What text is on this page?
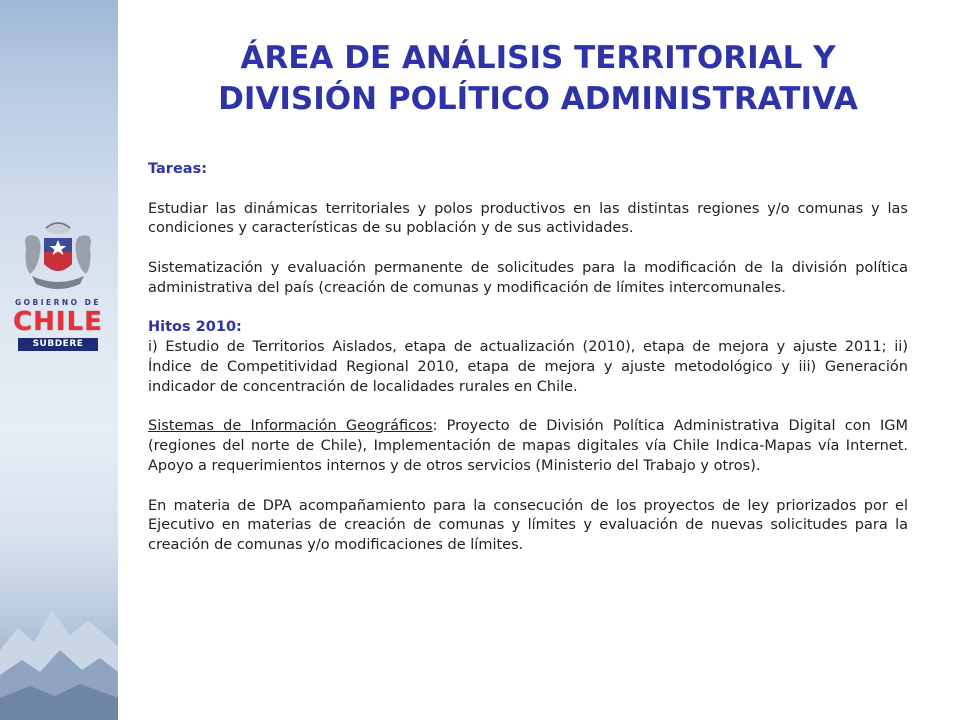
GOBIERNO DE
CHILE
SUBDERE
ÁREA DE ANÁLISIS TERRITORIAL Y
DIVISIÓN POLÍTICO ADMINISTRATIVA

Tareas:

Estudiar las dinámicas territoriales y polos productivos en las distintas regiones y/o comunas y las condiciones y características de su población y de sus actividades.

Sistematización y evaluación permanente de solicitudes para la modificación de la división política administrativa del país (creación de comunas y modificación de límites intercomunales.

Hitos 2010:

i) Estudio de Territorios Aislados, etapa de actualización (2010), etapa de mejora y ajuste 2011; ii) Índice de Competitividad Regional 2010, etapa de mejora y ajuste metodológico y iii) Generación indicador de concentración de localidades rurales en Chile.

Sistemas de Información Geográficos: Proyecto de División Política Administrativa Digital con IGM (regiones del norte de Chile), Implementación de mapas digitales vía Chile Indica-Mapas vía Internet. Apoyo a requerimientos internos y de otros servicios (Ministerio del Trabajo y otros).

En materia de DPA acompañamiento para la consecución de los proyectos de ley priorizados por el Ejecutivo en materias de creación de comunas y límites y evaluación de nuevas solicitudes para la creación de comunas y/o modificaciones de límites.
